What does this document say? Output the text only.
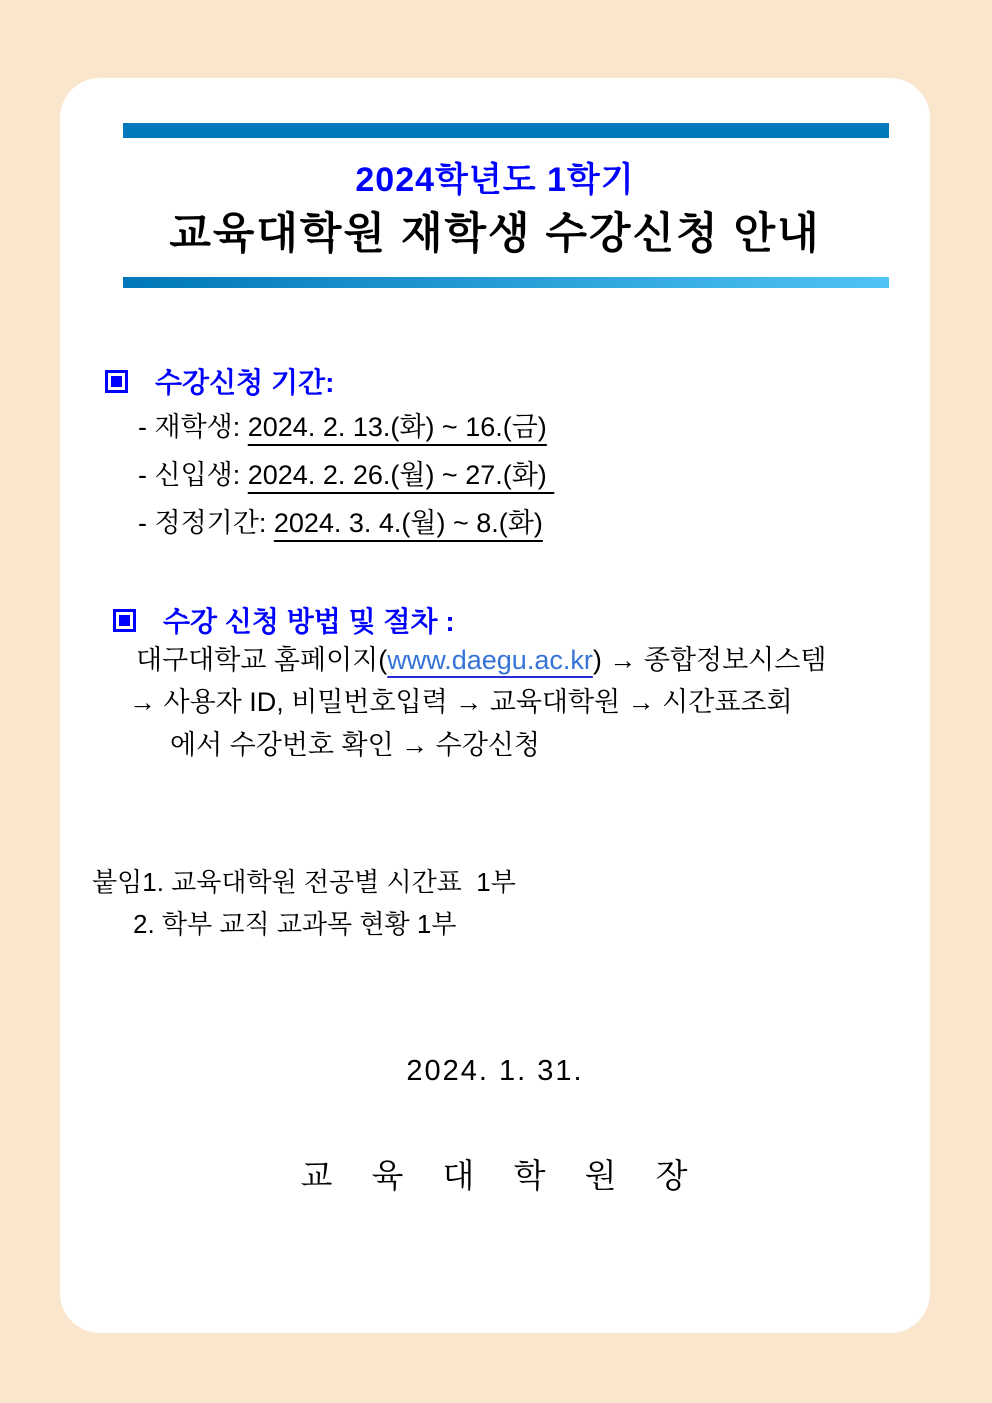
2024학년도 1학기
교육대학원 재학생 수강신청 안내
수강신청 기간:
- 재학생: 2024. 2. 13.(화) ~ 16.(금)
- 신입생: 2024. 2. 26.(월) ~ 27.(화)
- 정정기간: 2024. 3. 4.(월) ~ 8.(화)
수강 신청 방법 및 절차 :
대구대학교 홈페이지(www.daegu.ac.kr) → 종합정보시스템
→ 사용자 ID, 비밀번호입력 → 교육대학원 → 시간표조회
에서 수강번호 확인 → 수강신청
붙임1. 교육대학원 전공별 시간표  1부
2. 학부 교직 교과목 현황 1부
2024. 1. 31.
교 육 대 학 원 장
